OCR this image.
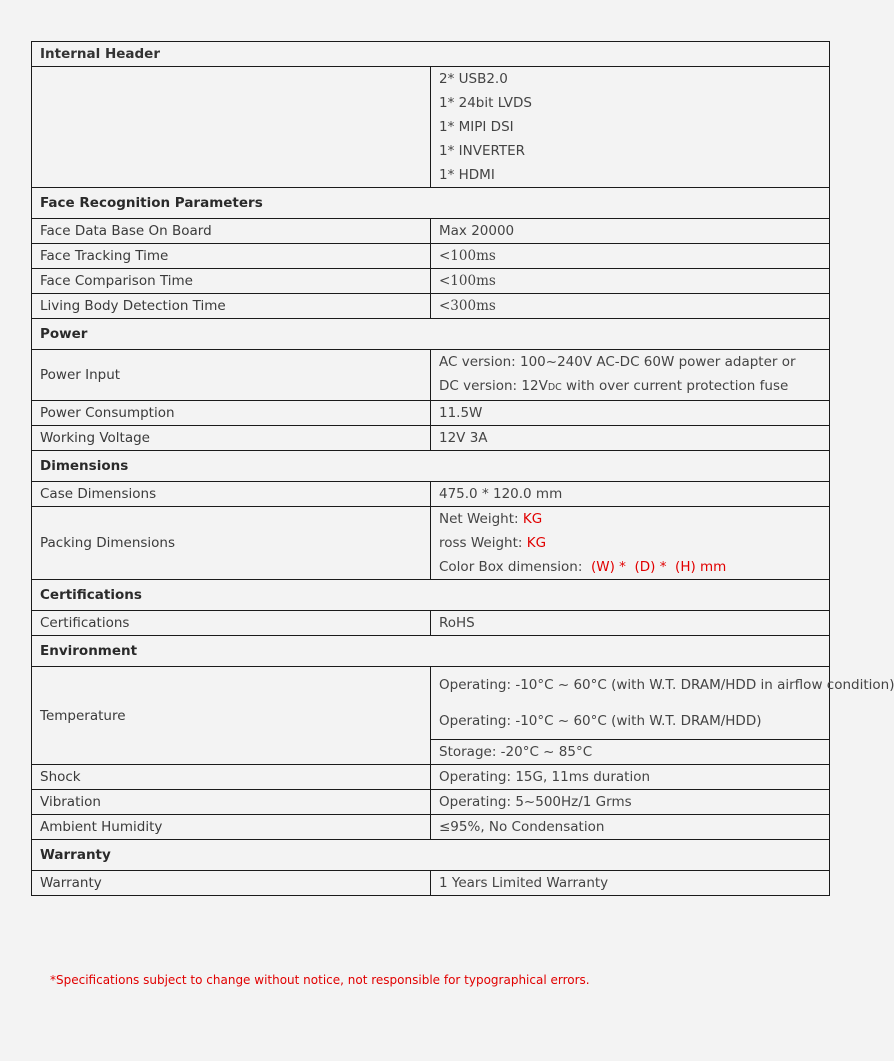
Internal Header	

	2* USB2.0
1* 24bit LVDS
1* MIPI DSI
1* INVERTER
1* HDMI

Face Recognition Parameters	
Face Data Base On Board	Max 20000
Face Tracking Time	<100ms
Face Comparison Time	<100ms
Living Body Detection Time	<300ms
Power	
Power Input	AC version: 100~240V AC-DC 60W power adapter or
DC version: 12VDC with over current protection fuse

Power Consumption	11.5W
Working Voltage	12V 3A
Dimensions	
Case Dimensions	475.0 * 120.0 mm
Packing Dimensions	Net Weight: KG
ross Weight: KG
Color Box dimension:  (W) *  (D) *  (H) mm

Certifications	
Certifications	RoHS
Environment	
Temperature	Operating: -10°C ~ 60°C (with W.T. DRAM/HDD in airflow condition)
Operating: -10°C ~ 60°C (with W.T. DRAM/HDD)

	Storage: -20°C ~ 85°C
Shock	Operating: 15G, 11ms duration
Vibration	Operating: 5~500Hz/1 Grms
Ambient Humidity	≤95%, No Condensation
Warranty	
Warranty	1 Years Limited Warranty
*Specifications subject to change without notice, not responsible for typographical errors.
